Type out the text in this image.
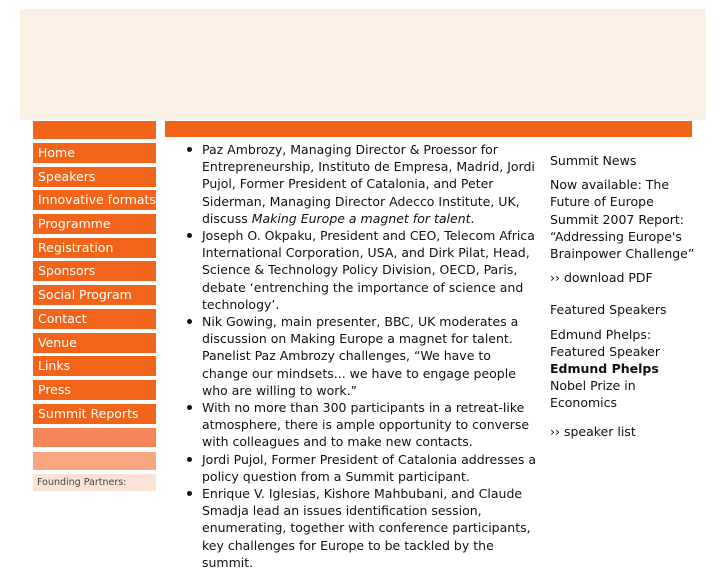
Home
Speakers
Innovative formats
Programme
Registration
Sponsors
Social Program
Contact
Venue
Links
Press
Summit Reports
Founding Partners:
Paz Ambrozy, Managing Director & Proessor for Entrepreneurship, Instituto de Empresa, Madrid, Jordi Pujol, Former President of Catalonia, and Peter Siderman, Managing Director Adecco Institute, UK, discuss Making Europe a magnet for talent.
Joseph O. Okpaku, President and CEO, Telecom Africa International Corporation, USA, and Dirk Pilat, Head, Science & Technology Policy Division, OECD, Paris, debate ‘entrenching the importance of science and technology’.
Nik Gowing, main presenter, BBC, UK moderates a discussion on Making Europe a magnet for talent. Panelist Paz Ambrozy challenges, “We have to change our mindsets... we have to engage people who are willing to work.”
With no more than 300 participants in a retreat-like atmosphere, there is ample opportunity to converse with colleagues and to make new contacts.
Jordi Pujol, Former President of Catalonia addresses a policy question from a Summit participant.
Enrique V. Iglesias, Kishore Mahbubani, and Claude Smadja lead an issues identification session, enumerating, together with conference participants, key challenges for Europe to be tackled by the summit.

Summit News

Now available: The Future of Europe Summit 2007 Report: “Addressing Europe's Brainpower Challenge”

›› download PDF

Featured Speakers

Edmund Phelps: Featured Speaker

Edmund Phelps

Nobel Prize in Economics

›› speaker list
